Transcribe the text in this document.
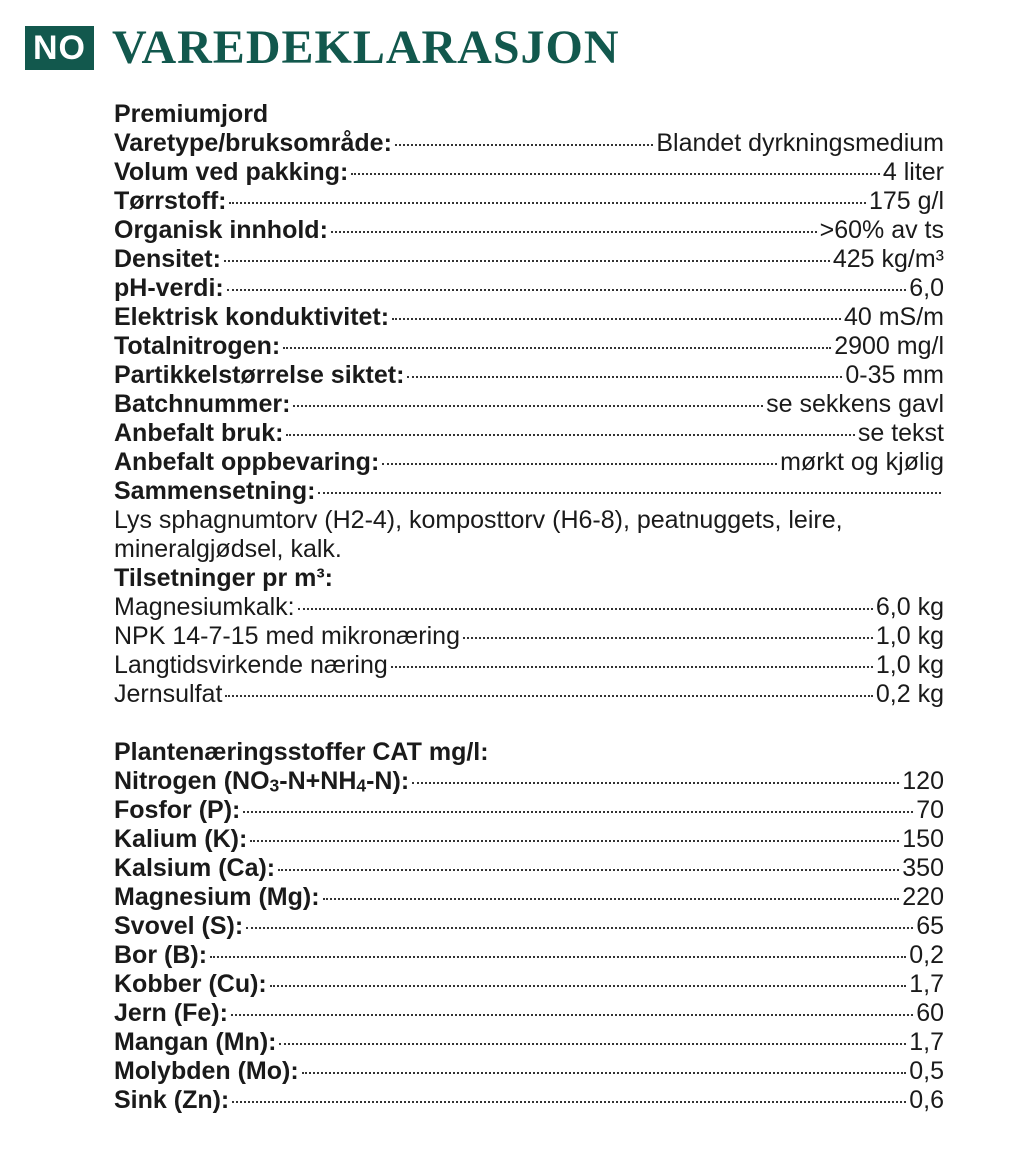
NO VAREDEKLARASJON
Premiumjord
Varetype/bruksområde:	Blandet dyrkningsmedium
Volum ved pakking:	4 liter
Tørrstoff:	175 g/l
Organisk innhold:	>60% av ts
Densitet:	425 kg/m³
pH-verdi:	6,0
Elektrisk konduktivitet:	40 mS/m
Totalnitrogen:	2900 mg/l
Partikkelstørrelse siktet:	0-35 mm
Batchnummer:	se sekkens gavl
Anbefalt bruk:	se tekst
Anbefalt oppbevaring:	mørkt og kjølig
Sammensetning:
Lys sphagnumtorv (H2-4), komposttorv (H6-8), peatnuggets, leire, mineralgjødsel, kalk.
Tilsetninger pr m³:
Magnesiumkalk:	6,0 kg
NPK 14-7-15 med mikronæring	1,0 kg
Langtidsvirkende næring	1,0 kg
Jernsulfat	0,2 kg
Plantenæringsstoffer CAT mg/l:
Nitrogen $(NO_3-N+NH_4-N)$:	120
Fosfor (P):	70
Kalium (K):	150
Kalsium (Ca):	350
Magnesium (Mg):	220
Svovel (S):	65
Bor (B):	0,2
Kobber (Cu):	1,7
Jern (Fe):	60
Mangan (Mn):	1,7
Molybden (Mo):	0,5
Sink (Zn):	0,6
